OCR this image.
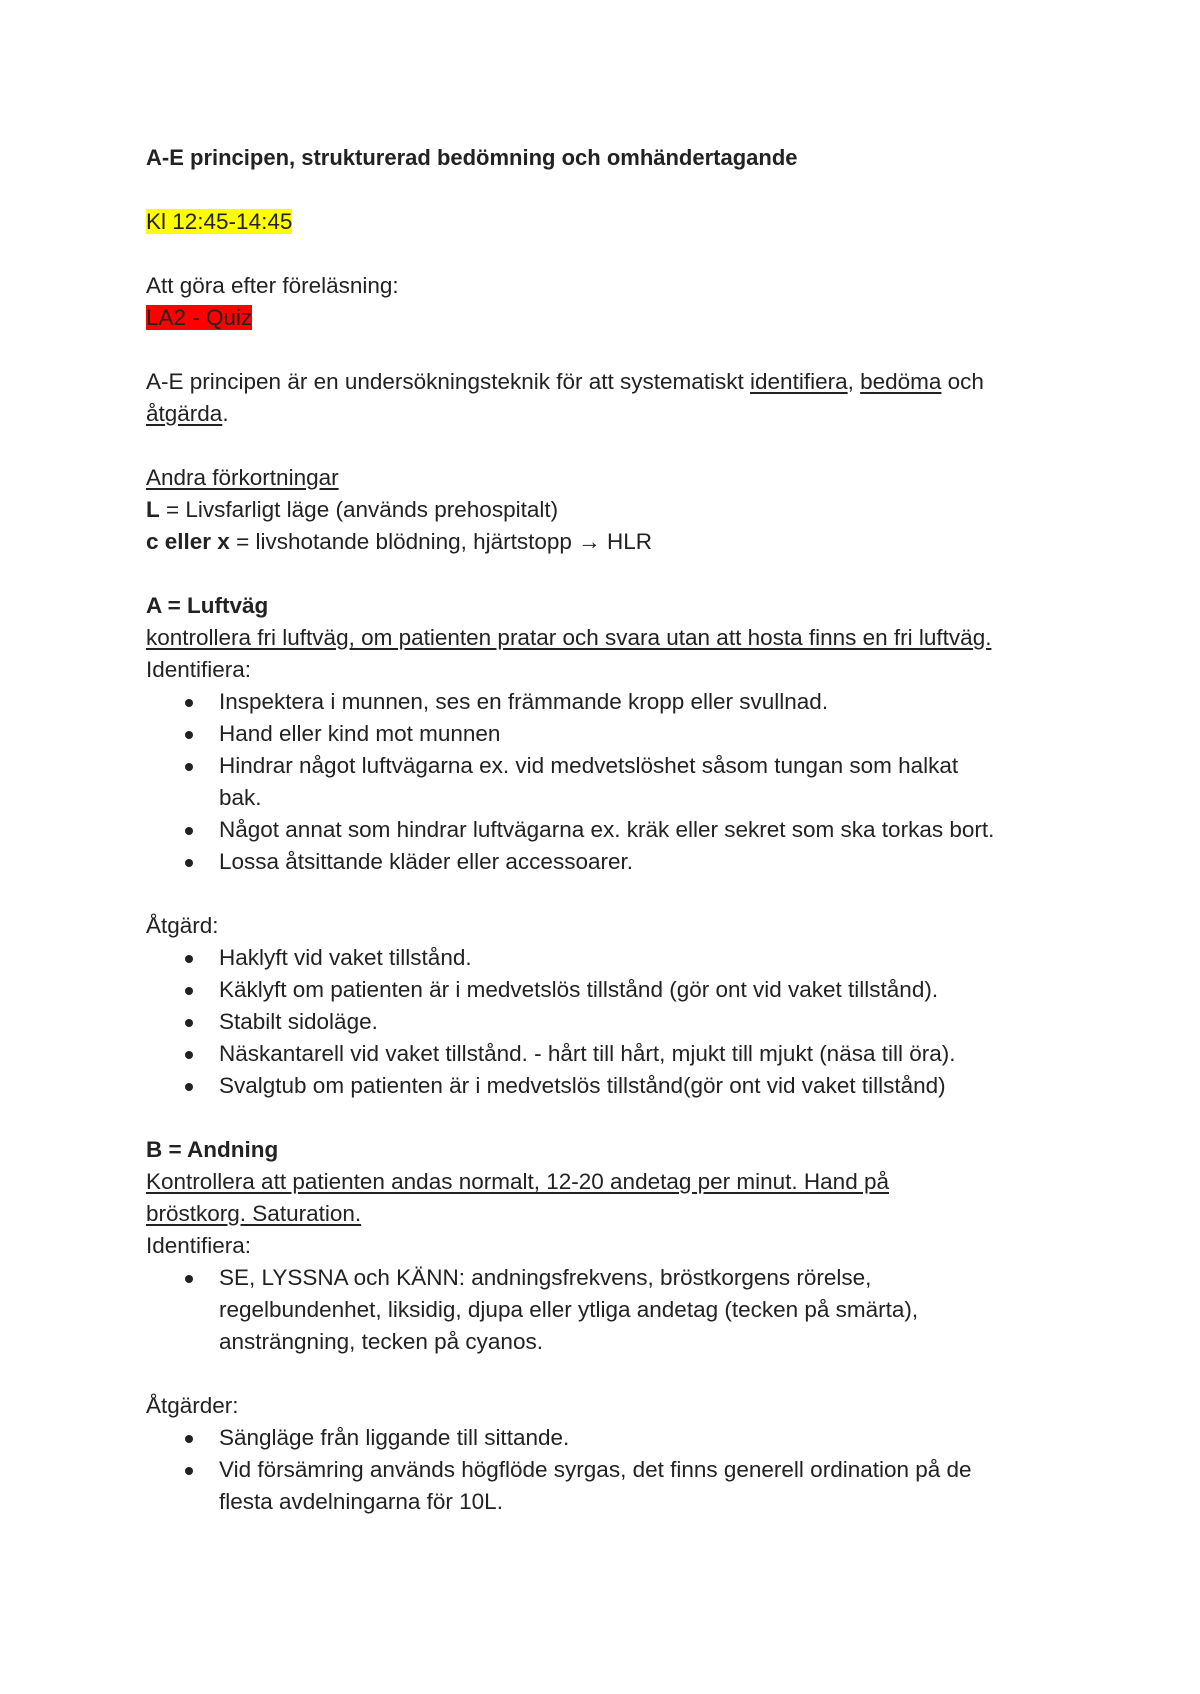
A-E principen, strukturerad bedömning och omhändertagande
Kl 12:45-14:45
Att göra efter föreläsning:
LA2 - Quiz
A-E principen är en undersökningsteknik för att systematiskt identifiera, bedöma och
åtgärda.
Andra förkortningar
L = Livsfarligt läge (används prehospitalt)
c eller x = livshotande blödning, hjärtstopp → HLR
A = Luftväg
kontrollera fri luftväg, om patienten pratar och svara utan att hosta finns en fri luftväg.
Identifiera:
Inspektera i munnen, ses en främmande kropp eller svullnad.
Hand eller kind mot munnen
Hindrar något luftvägarna ex. vid medvetslöshet såsom tungan som halkat
bak.
Något annat som hindrar luftvägarna ex. kräk eller sekret som ska torkas bort.
Lossa åtsittande kläder eller accessoarer.
Åtgärd:
Haklyft vid vaket tillstånd.
Käklyft om patienten är i medvetslös tillstånd (gör ont vid vaket tillstånd).
Stabilt sidoläge.
Näskantarell vid vaket tillstånd. - hårt till hårt, mjukt till mjukt (näsa till öra).
Svalgtub om patienten är i medvetslös tillstånd(gör ont vid vaket tillstånd)
B = Andning
Kontrollera att patienten andas normalt, 12-20 andetag per minut. Hand på
bröstkorg. Saturation.
Identifiera:
SE, LYSSNA och KÄNN: andningsfrekvens, bröstkorgens rörelse,
regelbundenhet, liksidig, djupa eller ytliga andetag (tecken på smärta),
ansträngning, tecken på cyanos.
Åtgärder:
Sängläge från liggande till sittande.
Vid försämring används högflöde syrgas, det finns generell ordination på de
flesta avdelningarna för 10L.
